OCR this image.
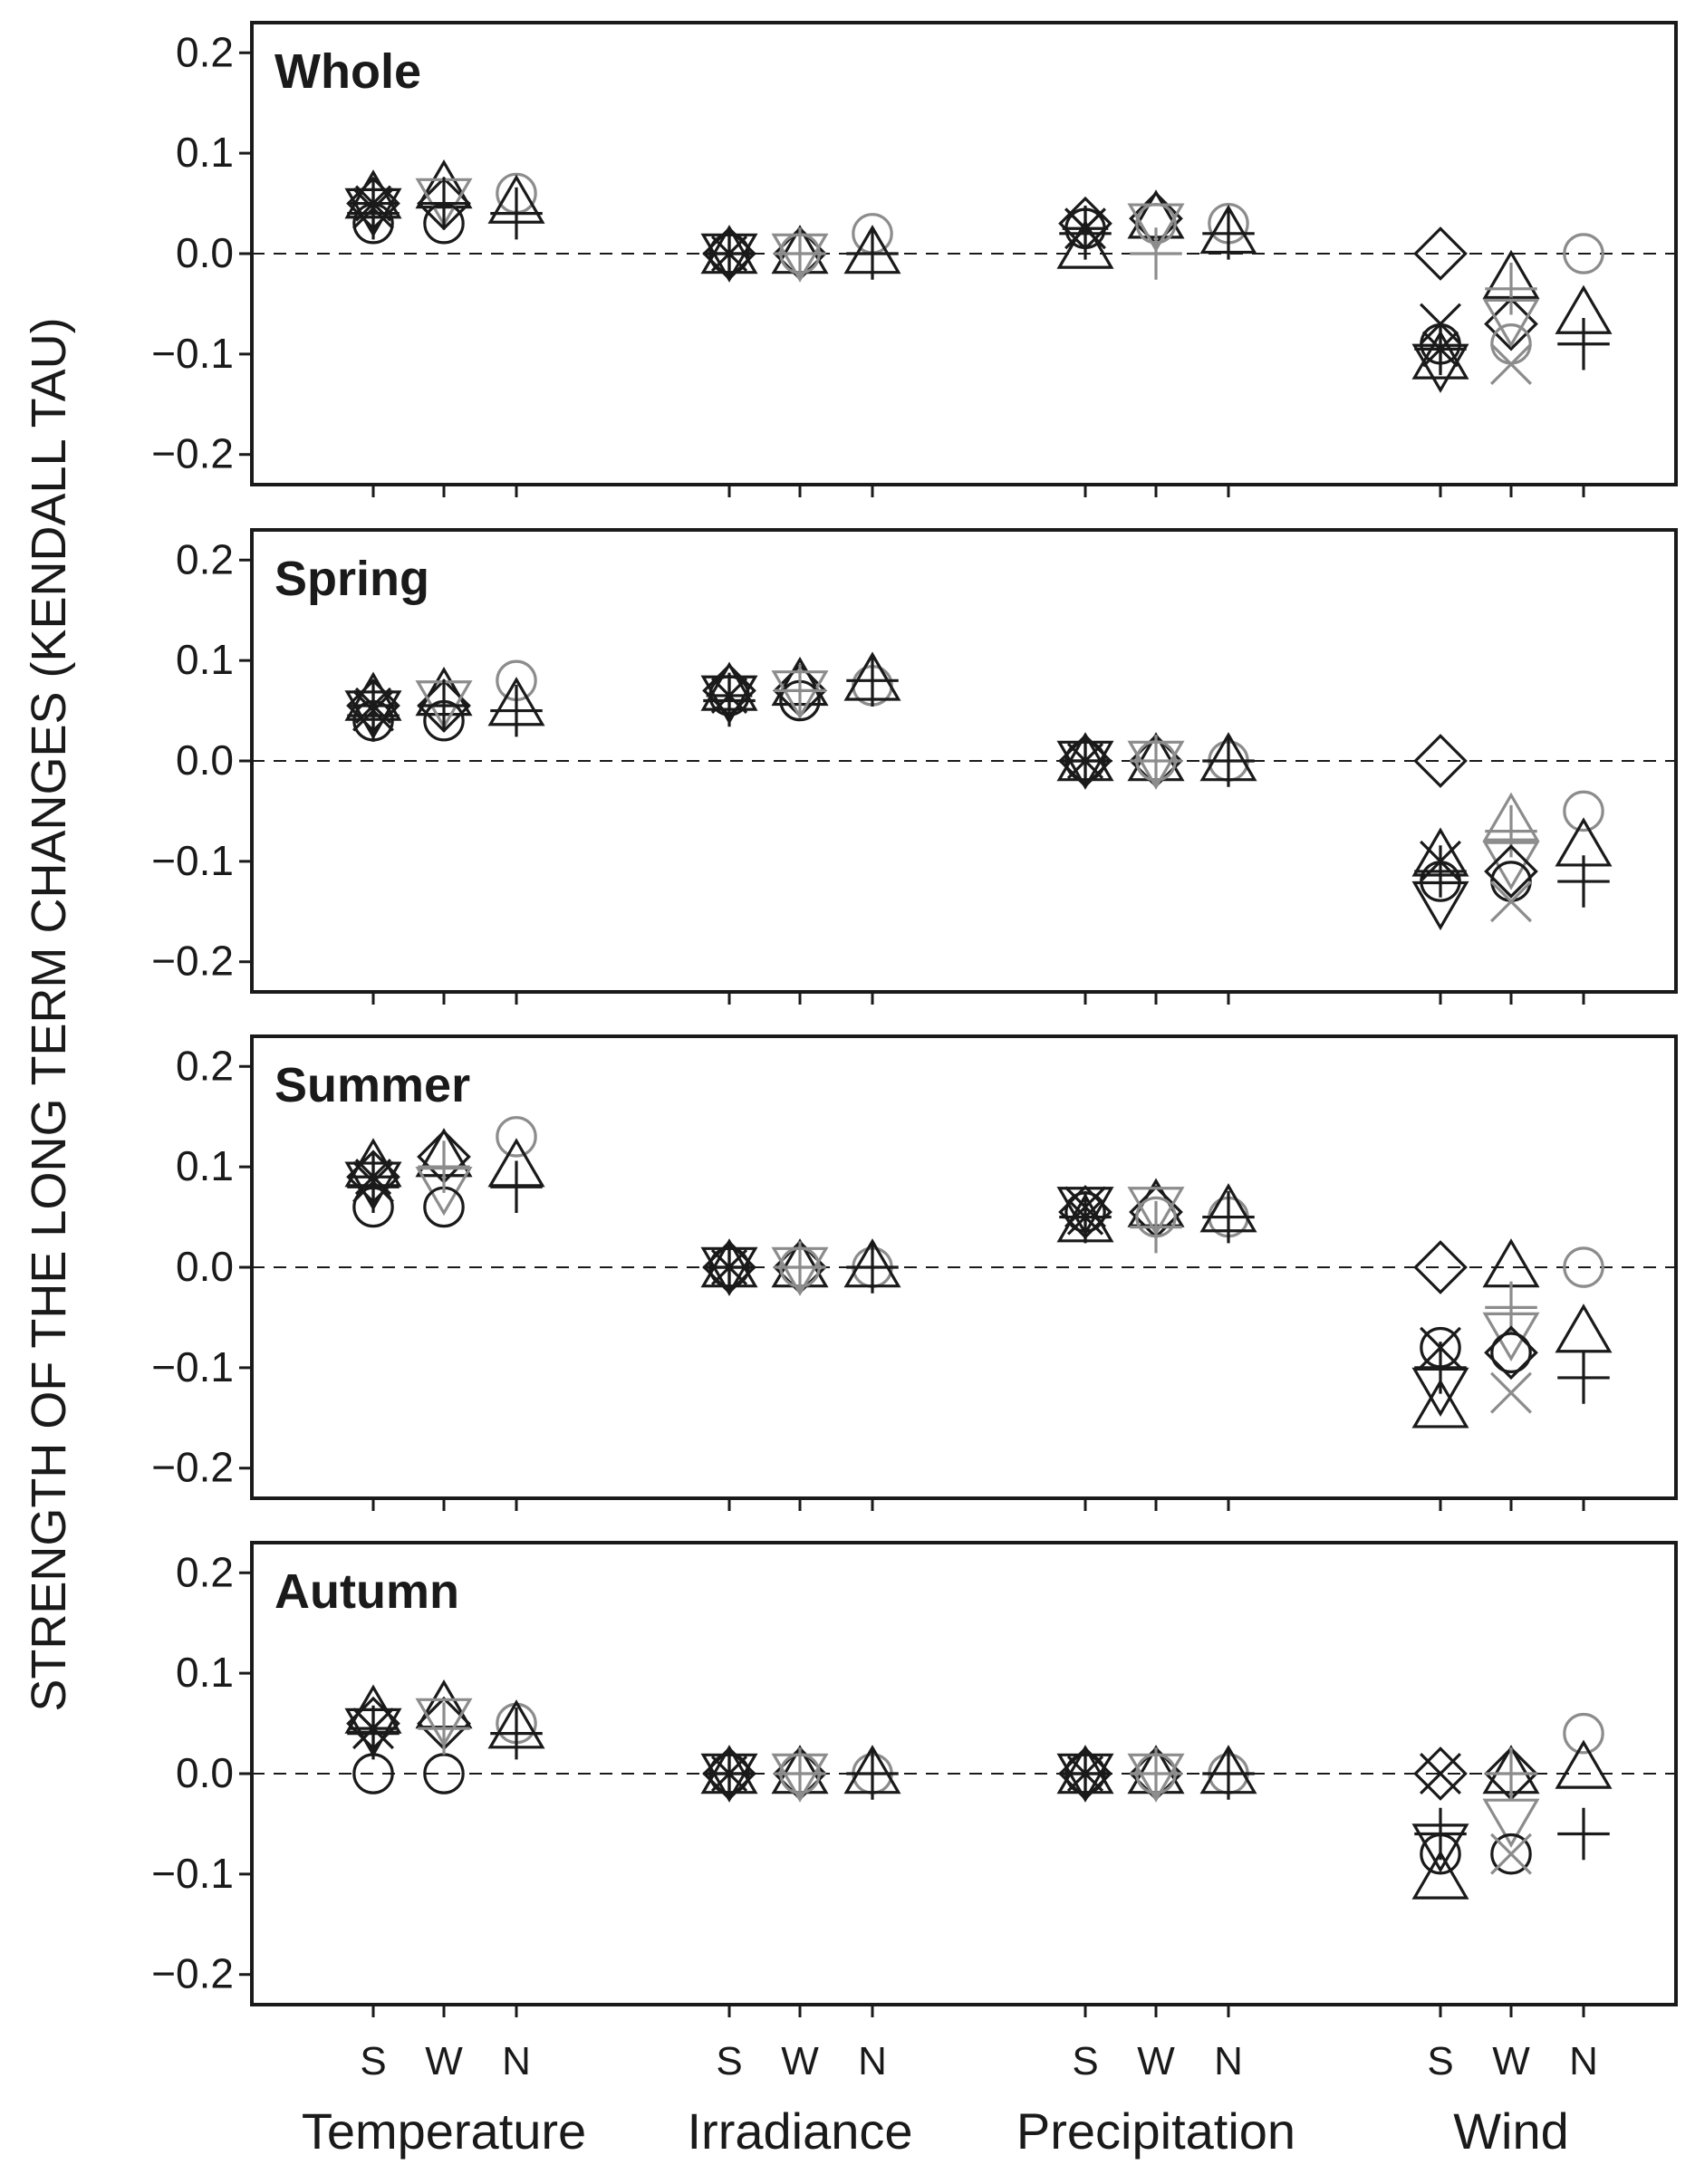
STRENGTH OF THE LONG TERM CHANGES (KENDALL TAU) −0.2
−0.1
0.0
0.1
0.2 Whole
−0.2
−0.1
0.0
0.1
0.2 Spring
−0.2
−0.1
0.0
0.1
0.2 Summer
−0.2
−0.1
0.0
0.1
0.2 Autumn
S W N
Temperature
S W N
Irradiance
S W N
Precipitation
S W N
Wind
